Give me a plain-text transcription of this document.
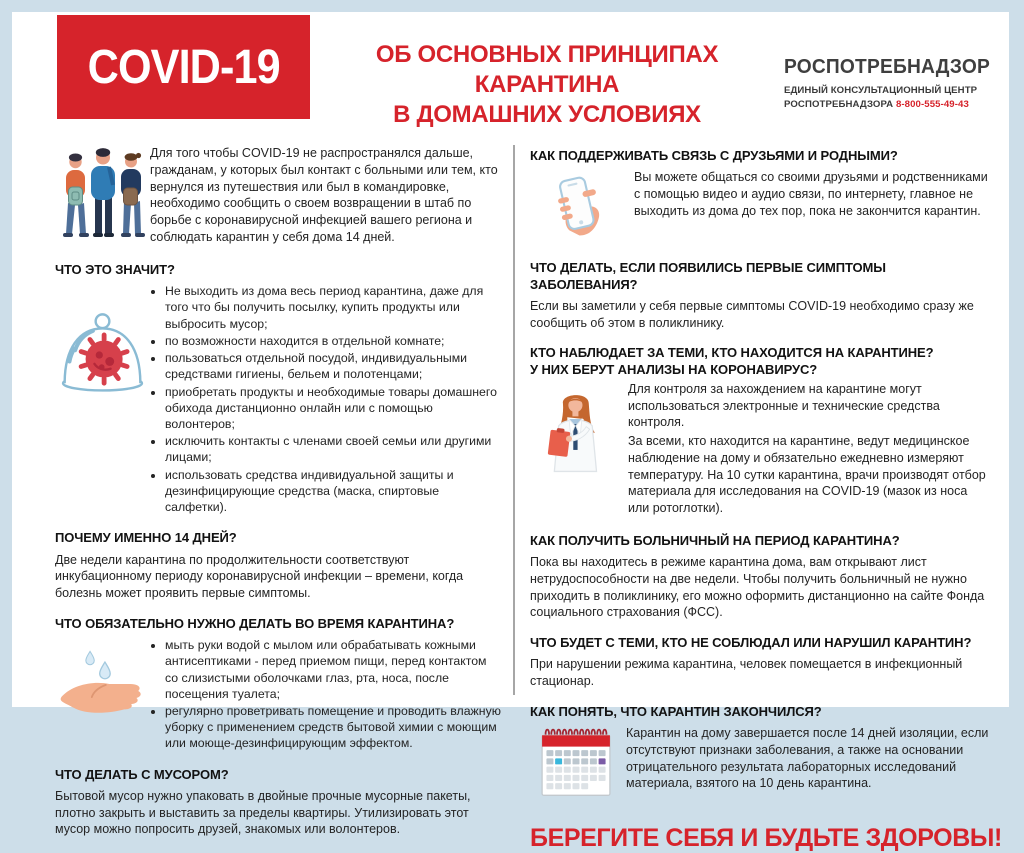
COVID-19	ОБ ОСНОВНЫХ ПРИНЦИПАХ КАРАНТИНА
В ДОМАШНИХ УСЛОВИЯХ
РОСПОТРЕБНАДЗОР
ЕДИНЫЙ КОНСУЛЬТАЦИОННЫЙ ЦЕНТР
РОСПОТРЕБНАДЗОРА 8-800-555-49-43

Для того чтобы COVID-19 не распространялся дальше, гражданам, у которых был контакт с больными или тем, кто вернулся из путешествия или был в командировке, необходимо сообщить о своем возвращении в штаб по борьбе с коронавирусной инфекцией вашего региона и соблюдать карантин у себя дома 14 дней.

ЧТО ЭТО ЗНАЧИТ?
• Не выходить из дома весь период карантина, даже для того что бы получить посылку, купить продукты или выбросить мусор;
• по возможности находится в отдельной комнате;
• пользоваться отдельной посудой, индивидуальными средствами гигиены, бельем и полотенцами;
• приобретать продукты и необходимые товары домашнего обихода дистанционно онлайн или с помощью волонтеров;
• исключить контакты с членами своей семьи или другими лицами;
• использовать средства индивидуальной защиты и дезинфицирующие средства (маска, спиртовые салфетки).
ПОЧЕМУ ИМЕННО 14 ДНЕЙ?

Две недели карантина по продолжительности соответствуют инкубационному периоду коронавирусной инфекции – времени, когда болезнь может проявить первые симптомы.

ЧТО ОБЯЗАТЕЛЬНО НУЖНО ДЕЛАТЬ ВО ВРЕМЯ КАРАНТИНА?
• мыть руки водой с мылом или обрабатывать кожными антисептиками - перед приемом пищи, перед контактом со слизистыми оболочками глаз, рта, носа, после посещения туалета;
• регулярно проветривать помещение и проводить влажную уборку с применением средств бытовой химии с моющим или моюще-дезинфицирующим эффектом.
ЧТО ДЕЛАТЬ С МУСОРОМ?

Бытовой мусор нужно упаковать в двойные прочные мусорные пакеты, плотно закрыть и выставить за пределы квартиры. Утилизировать этот мусор можно попросить друзей, знакомых или волонтеров.

КАК ПОДДЕРЖИВАТЬ СВЯЗЬ С ДРУЗЬЯМИ И РОДНЫМИ?

Вы можете общаться со своими друзьями и родственниками с помощью видео и аудио связи, по интернету, главное не выходить из дома до тех пор, пока не закончится карантин.

ЧТО ДЕЛАТЬ, ЕСЛИ ПОЯВИЛИСЬ ПЕРВЫЕ СИМПТОМЫ ЗАБОЛЕВАНИЯ?

Если вы заметили у себя первые симптомы COVID-19 необходимо сразу же сообщить об этом в поликлинику.

КТО НАБЛЮДАЕТ ЗА ТЕМИ, КТО НАХОДИТСЯ НА КАРАНТИНЕ?
У НИХ БЕРУТ АНАЛИЗЫ НА КОРОНАВИРУС?

Для контроля за нахождением на карантине могут использоваться электронные и технические средства контроля.

За всеми, кто находится на карантине, ведут медицинское наблюдение на дому и обязательно ежедневно измеряют температуру. На 10 сутки карантина, врачи производят отбор материала для исследования на COVID-19 (мазок из носа или ротоглотки).

КАК ПОЛУЧИТЬ БОЛЬНИЧНЫЙ НА ПЕРИОД КАРАНТИНА?

Пока вы находитесь в режиме карантина дома, вам открывают лист нетрудоспособности на две недели. Чтобы получить больничный не нужно приходить в поликлинику, его можно оформить дистанционно на сайте Фонда социального страхования (ФСС).

ЧТО БУДЕТ С ТЕМИ, КТО НЕ СОБЛЮДАЛ ИЛИ НАРУШИЛ КАРАНТИН?

При нарушении режима карантина, человек помещается в инфекционный стационар.

КАК ПОНЯТЬ, ЧТО КАРАНТИН ЗАКОНЧИЛСЯ?

Карантин на дому завершается после 14 дней изоляции, если отсутствуют признаки заболевания, а также на основании отрицательного результата лабораторных исследований материала, взятого на 10 день карантина.

БЕРЕГИТЕ СЕБЯ И БУДЬТЕ ЗДОРОВЫ!
